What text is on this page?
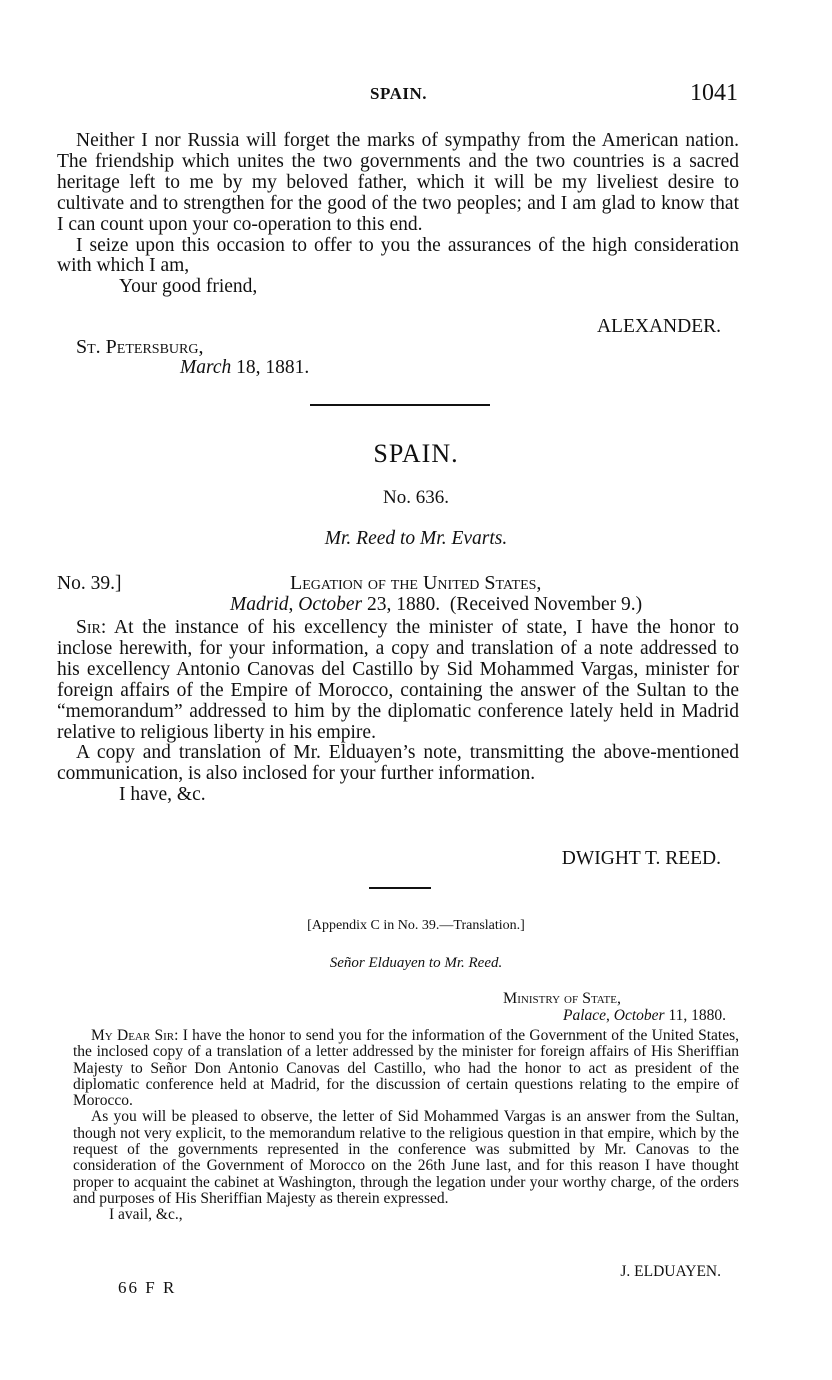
SPAIN.	1041

Neither I nor Russia will forget the marks of sympathy from the American nation. The friendship which unites the two governments and the two countries is a sacred heritage left to me by my beloved father, which it will be my liveliest desire to cultivate and to strengthen for the good of the two peoples; and I am glad to know that I can count upon your co-operation to this end.

I seize upon this occasion to offer to you the assurances of the high consideration with which I am,

Your good friend,

ALEXANDER.
St. Petersburg,
March 18, 1881.
SPAIN.
No. 636.
Mr. Reed to Mr. Evarts.
No. 39.]	Legation of the United States,
Madrid, October 23, 1880. (Received November 9.)

Sir: At the instance of his excellency the minister of state, I have the honor to inclose herewith, for your information, a copy and translation of a note addressed to his excellency Antonio Canovas del Castillo by Sid Mohammed Vargas, minister for foreign affairs of the Empire of Morocco, containing the answer of the Sultan to the “memorandum” addressed to him by the diplomatic conference lately held in Madrid relative to religious liberty in his empire.

A copy and translation of Mr. Elduayen’s note, transmitting the above-mentioned communication, is also inclosed for your further information.

I have, &c.

DWIGHT T. REED.
[Appendix C in No. 39.—Translation.]
Señor Elduayen to Mr. Reed.
Ministry of State,
Palace, October 11, 1880.

My Dear Sir: I have the honor to send you for the information of the Government of the United States, the inclosed copy of a translation of a letter addressed by the minister for foreign affairs of His Sheriffian Majesty to Señor Don Antonio Canovas del Castillo, who had the honor to act as president of the diplomatic conference held at Madrid, for the discussion of certain questions relating to the empire of Morocco.

As you will be pleased to observe, the letter of Sid Mohammed Vargas is an answer from the Sultan, though not very explicit, to the memorandum relative to the religious question in that empire, which by the request of the governments represented in the conference was submitted by Mr. Canovas to the consideration of the Government of Morocco on the 26th June last, and for this reason I have thought proper to acquaint the cabinet at Washington, through the legation under your worthy charge, of the orders and purposes of His Sheriffian Majesty as therein expressed.

I avail, &c.,

J. ELDUAYEN.
66 F R
